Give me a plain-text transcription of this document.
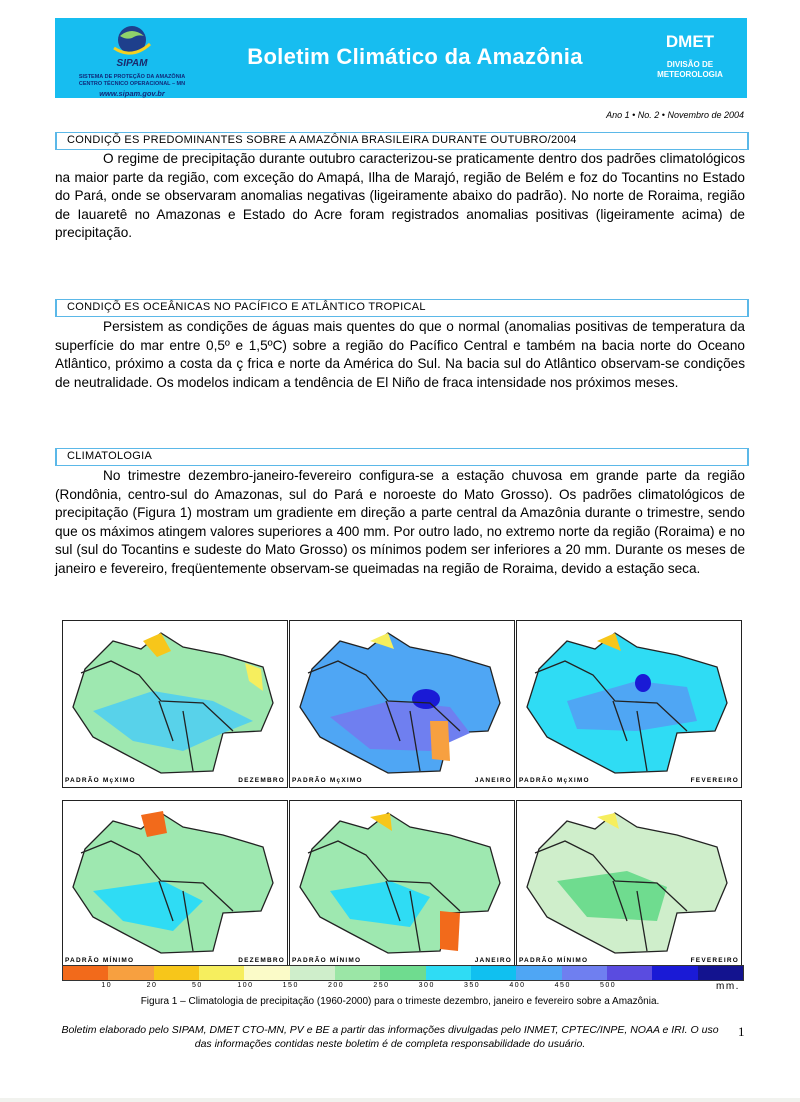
SIPAM
SISTEMA DE PROTEÇÃO DA AMAZÔNIA
CENTRO TÉCNICO OPERACIONAL – MN
www.sipam.gov.br
Boletim Climático da Amazônia
DMET
DIVISÃO DE
METEOROLOGIA
Ano 1 • No. 2 • Novembro de 2004
CONDIÇÕ ES PREDOMINANTES SOBRE A AMAZÔNIA BRASILEIRA DURANTE OUTUBRO/2004
O regime de precipitação durante outubro caracterizou-se praticamente dentro dos padrões climatológicos na maior parte da região, com exceção do Amapá, Ilha de Marajó, região de Belém e foz do Tocantins no Estado do Pará, onde se observaram anomalias negativas (ligeiramente abaixo do padrão). No norte de Roraima, região de Iauaretê no Amazonas e Estado do Acre foram registrados anomalias positivas (ligeiramente acima) de precipitação.
CONDIÇÕ ES OCEÂNICAS NO PACÍFICO E ATLÂNTICO TROPICAL
Persistem as condições de águas mais quentes do que o normal (anomalias positivas de temperatura da superfície do mar entre 0,5º e 1,5ºC) sobre a região do Pacífico Central e também na bacia norte do Oceano Atlântico, próximo a costa da ç frica e norte da América do Sul. Na bacia sul do Atlântico observam-se condições de neutralidade. Os modelos indicam a tendência de El Niño de fraca intensidade nos próximos meses.
CLIMATOLOGIA
No trimestre dezembro-janeiro-fevereiro configura-se a estação chuvosa em grande parte da região (Rondônia, centro-sul do Amazonas, sul do Pará e noroeste do Mato Grosso). Os padrões climatológicos de precipitação (Figura 1) mostram um gradiente em direção a parte central da Amazônia durante o trimestre, sendo que os máximos atingem valores superiores a 400 mm. Por outro lado, no extremo norte da região (Roraima) e no sul (sul do Tocantins e sudeste do Mato Grosso) os mínimos podem ser inferiores a 20 mm. Durante os meses de janeiro e fevereiro, freqüentemente observam-se queimadas na região de Roraima, devido a estação seca.
PADRÃO MçXIMO	DEZEMBRO PADRÃO MçXIMO	JANEIRO PADRÃO MçXIMO	FEVEREIRO
PADRÃO MÍNIMO	DEZEMBRO PADRÃO MÍNIMO	JANEIRO PADRÃO MÍNIMO	FEVEREIRO
10	20	50	100	150	200	250	300	350	400	450	500	mm.
Figura 1 – Climatologia de precipitação (1960-2000) para o trimeste dezembro, janeiro e fevereiro sobre a Amazônia.
Boletim elaborado pelo SIPAM, DMET CTO-MN, PV e BE a partir das informações divulgadas pelo INMET, CPTEC/INPE, NOAA e IRI. O uso das informações contidas neste boletim é de completa responsabilidade do usuário.
1
